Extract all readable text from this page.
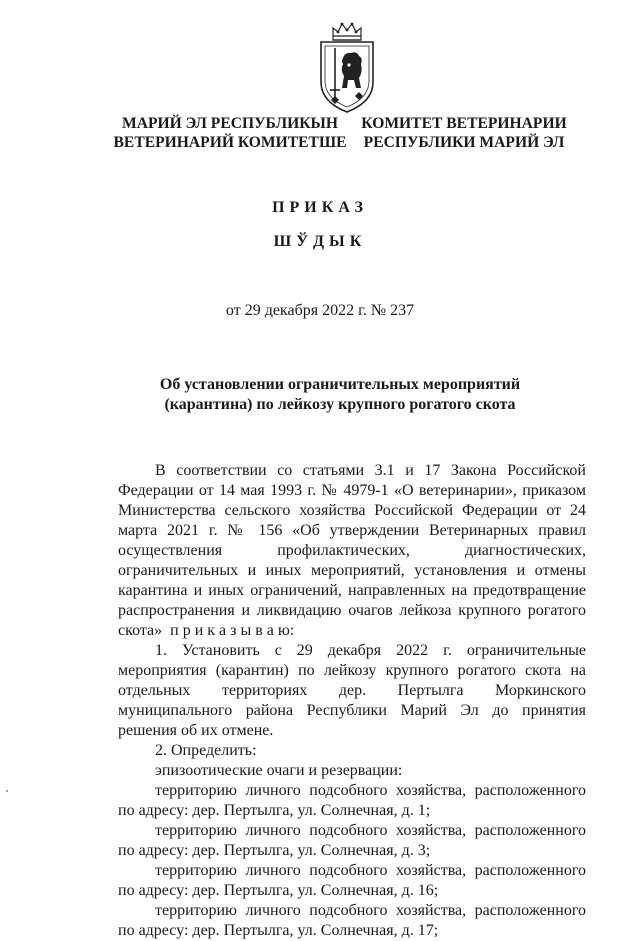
МАРИЙ ЭЛ РЕСПУБЛИКЫН
ВЕТЕРИНАРИЙ КОМИТЕТШЕ
КОМИТЕТ ВЕТЕРИНАРИИ
РЕСПУБЛИКИ МАРИЙ ЭЛ
ПРИКАЗ
ШЎДЫК
от 29 декабря 2022 г. № 237
Об установлении ограничительных мероприятий
(карантина) по лейкозу крупного рогатого скота

В соответствии со статьями 3.1 и 17 Закона Российской Федерации от 14 мая 1993 г. № 4979-1 «О ветеринарии», приказом Министерства сельского хозяйства Российской Федерации от 24 марта 2021 г. № 156 «Об утверждении Ветеринарных правил осуществления профилактических, диагностических, ограничительных и иных мероприятий, установления и отмены карантина и иных ограничений, направленных на предотвращение распространения и ликвидацию очагов лейкоза крупного рогатого скота» п р и к а з ы в а ю:

1. Установить с 29 декабря 2022 г. ограничительные мероприятия (карантин) по лейкозу крупного рогатого скота на отдельных территориях дер. Пертылга Моркинского муниципального района Республики Марий Эл до принятия решения об их отмене.

2. Определить:

эпизоотические очаги и резервации:

территорию личного подсобного хозяйства, расположенного по адресу: дер. Пертылга, ул. Солнечная, д. 1;

территорию личного подсобного хозяйства, расположенного по адресу: дер. Пертылга, ул. Солнечная, д. 3;

территорию личного подсобного хозяйства, расположенного по адресу: дер. Пертылга, ул. Солнечная, д. 16;

территорию личного подсобного хозяйства, расположенного по адресу: дер. Пертылга, ул. Солнечная, д. 17;
